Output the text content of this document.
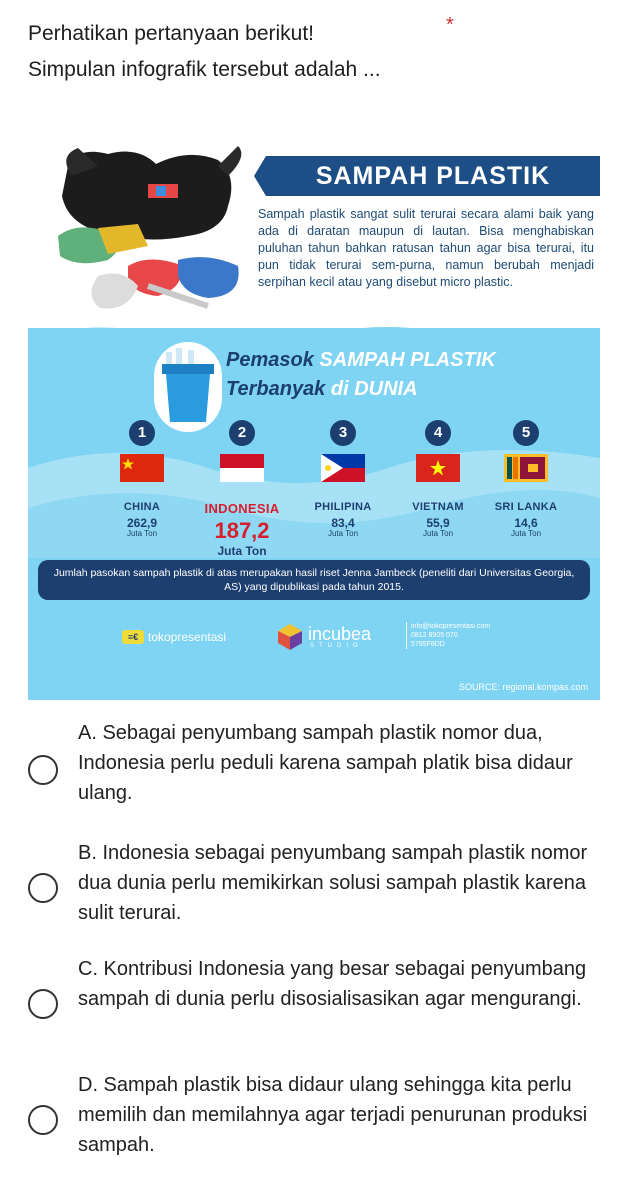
Perhatikan pertanyaan berikut!
Simpulan infografik tersebut adalah ...
*
SAMPAH PLASTIK
Sampah plastik sangat sulit terurai secara alami baik yang ada di daratan maupun di lautan. Bisa menghabiskan puluhan tahun bahkan ratusan tahun agar bisa terurai, itu pun tidak terurai sem-purna, namun berubah menjadi serpihan kecil atau yang disebut micro plastic.
Pemasok SAMPAH PLASTIK
Terbanyak di DUNIA
1
CHINA
262,9
Juta Ton
2
INDONESIA
187,2
Juta Ton
3
PHILIPINA
83,4
Juta Ton
4
VIETNAM
55,9
Juta Ton
5
SRI LANKA
14,6
Juta Ton
Jumlah pasokan sampah plastik di atas merupakan hasil riset Jenna Jambeck (peneliti dari Universitas Georgia, AS) yang dipublikasi pada tahun 2015.
≡€ tokopresentasi	incubea
STUDIO
info@tokopresentasi.com
0812 8905 070
5795F8DD
SOURCE: regional.kompas.com
A. Sebagai penyumbang sampah plastik nomor dua, Indonesia perlu peduli karena sampah platik bisa didaur ulang.
B. Indonesia sebagai penyumbang sampah plastik nomor dua dunia perlu memikirkan solusi sampah plastik karena sulit terurai.
C. Kontribusi Indonesia yang besar sebagai penyumbang sampah di dunia perlu disosialisasikan agar mengurangi.
D. Sampah plastik bisa didaur ulang sehingga kita perlu memilih dan memilahnya agar terjadi penurunan produksi sampah.
